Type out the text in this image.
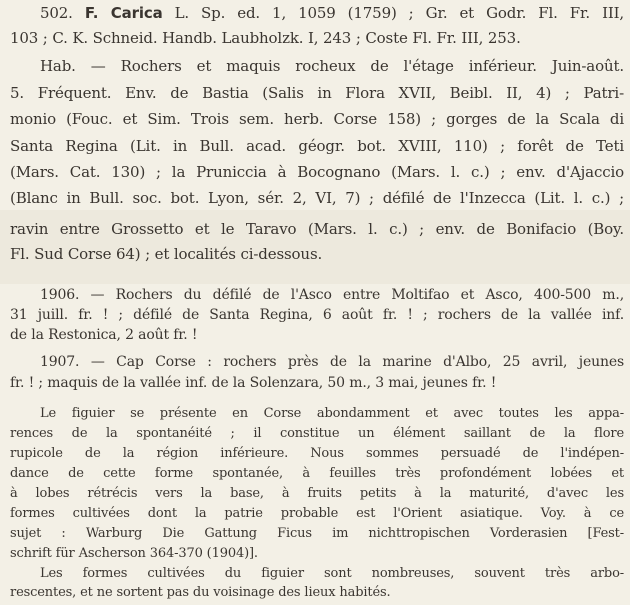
502. F. Carica L. Sp. ed. 1, 1059 (1759) ; Gr. et Godr. Fl. Fr. III,
103 ; C. K. Schneid. Handb. Laubholzk. I, 243 ; Coste Fl. Fr. III, 253.
Hab. — Rochers et maquis rocheux de l'étage inférieur. Juin-août.
5. Fréquent. Env. de Bastia (Salis in Flora XVII, Beibl. II, 4) ; Patri-
monio (Fouc. et Sim. Trois sem. herb. Corse 158) ; gorges de la Scala di
Santa Regina (Lit. in Bull. acad. géogr. bot. XVIII, 110) ; forêt de Teti
(Mars. Cat. 130) ; la Pruniccia à Bocognano (Mars. l. c.) ; env. d'Ajaccio
(Blanc in Bull. soc. bot. Lyon, sér. 2, VI, 7) ; défilé de l'Inzecca (Lit. l. c.) ;
ravin entre Grossetto et le Taravo (Mars. l. c.) ; env. de Bonifacio (Boy.
Fl. Sud Corse 64) ; et localités ci-dessous.
1906. — Rochers du défilé de l'Asco entre Moltifao et Asco, 400-500 m.,
31 juill. fr. ! ; défilé de Santa Regina, 6 août fr. ! ; rochers de la vallée inf.
de la Restonica, 2 août fr. !
1907. — Cap Corse : rochers près de la marine d'Albo, 25 avril, jeunes
fr. ! ; maquis de la vallée inf. de la Solenzara, 50 m., 3 mai, jeunes fr. !
Le figuier se présente en Corse abondamment et avec toutes les appa-
rences de la spontanéité ; il constitue un élément saillant de la flore
rupicole de la région inférieure. Nous sommes persuadé de l'indépen-
dance de cette forme spontanée, à feuilles très profondément lobées et
à lobes rétrécis vers la base, à fruits petits à la maturité, d'avec les
formes cultivées dont la patrie probable est l'Orient asiatique. Voy. à ce
sujet : Warburg Die Gattung Ficus im nichttropischen Vorderasien [Fest-
schrift für Ascherson 364-370 (1904)].
Les formes cultivées du figuier sont nombreuses, souvent très arbo-
rescentes, et ne sortent pas du voisinage des lieux habités.
